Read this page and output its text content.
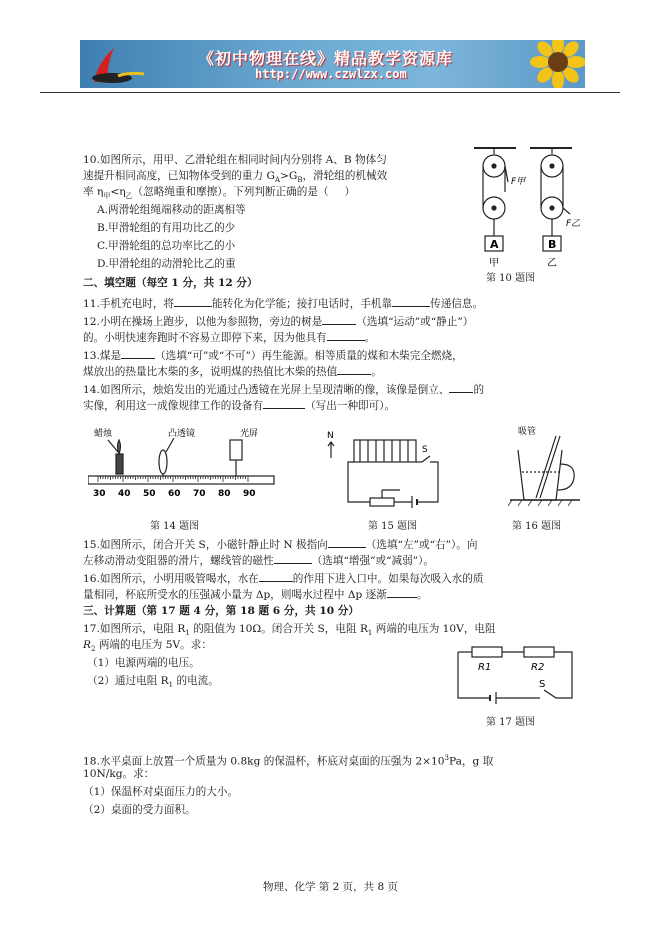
《初中物理在线》精品教学资源库
http://www.czwlzx.com
10.如图所示，用甲、乙滑轮组在相同时间内分别将 A、B 物体匀
速提升相同高度，已知物体受到的重力 $G_A>G_B$，滑轮组的机械效
率 $\eta_甲<\eta_乙$（忽略绳重和摩擦）。下列判断正确的是（ ）
A.两滑轮组绳端移动的距离相等
B.甲滑轮组的有用功比乙的少
C.甲滑轮组的总功率比乙的小
D.甲滑轮组的动滑轮比乙的重
F甲
F乙
A	B
甲	乙
第 10 题图
二、填空题（每空 1 分，共 12 分）
11.手机充电时，将	能转化为化学能；接打电话时，手机靠	传递信息。
12.小明在操场上跑步，以他为参照物，旁边的树是	（选填“运动”或“静止”）
的。小明快速奔跑时不容易立即停下来，因为他具有	。
13.煤是	（选填“可”或“不可”）再生能源。相等质量的煤和木柴完全燃烧，
煤放出的热量比木柴的多，说明煤的热值比木柴的热值	。
14.如图所示，烛焰发出的光通过凸透镜在光屏上呈现清晰的像，该像是倒立、 的
实像，利用这一成像规律工作的设备有	（写出一种即可）。
蜡烛	凸透镜	光屏
30 40 50 60 70 80 90
第 14 题图
N
S
第 15 题图
吸管
第 16 题图
15.如图所示，闭合开关 S，小磁针静止时 N 极指向	（选填“左”或“右”）。向
左移动滑动变阻器的滑片，螺线管的磁性	（选填“增强”或“减弱”）。
16.如图所示，小明用吸管喝水，水在	的作用下进入口中。如果每次吸入水的质
量相同，杯底所受水的压强减小量为 Δp，则喝水过程中 Δp 逐渐	。
三、计算题（第 17 题 4 分，第 18 题 6 分，共 10 分）
17.如图所示，电阻 $R_1$ 的阻值为 10Ω。闭合开关 S，电阻 $R_1$ 两端的电压为 10V，电阻
$R_2$ 两端的电压为 5V。求：
（1）电源两端的电压。
（2）通过电阻 $R_1$ 的电流。
R1	R2
S
第 17 题图
18.水平桌面上放置一个质量为 0.8kg 的保温杯，杯底对桌面的压强为 $2\times 10^3Pa$，g 取
10N/kg。求：
（1）保温杯对桌面压力的大小。
（2）桌面的受力面积。
物理、化学 第 2 页，共 8 页
